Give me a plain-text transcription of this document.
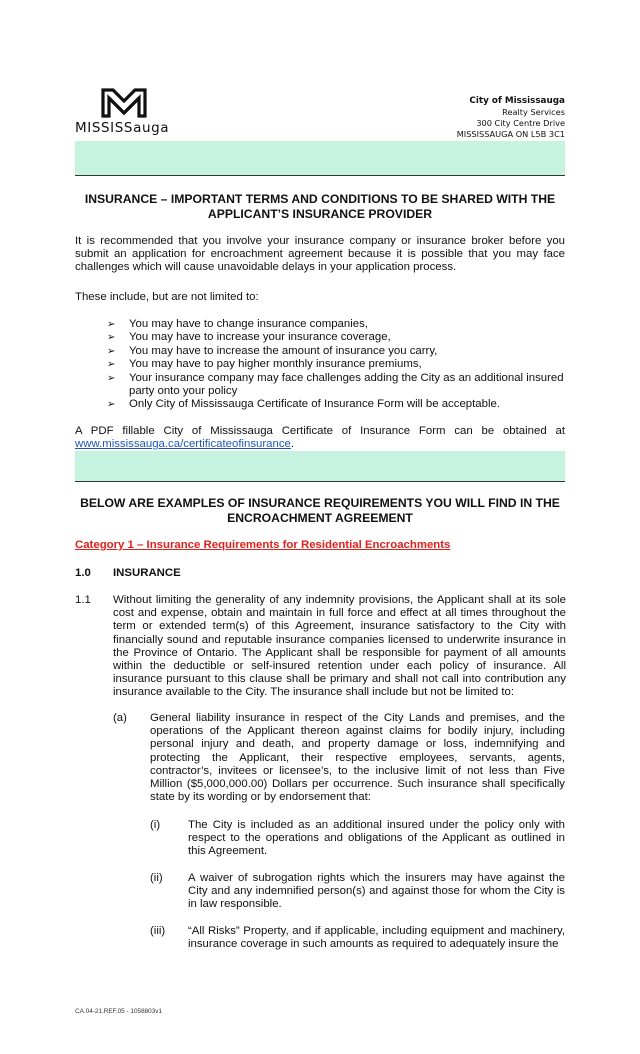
MISSISSauga
City of Mississauga
Realty Services
300 City Centre Drive
MISSISSAUGA ON L5B 3C1
INSURANCE – IMPORTANT TERMS AND CONDITIONS TO BE SHARED WITH THE APPLICANT’S INSURANCE PROVIDER
It is recommended that you involve your insurance company or insurance broker before you submit an application for encroachment agreement because it is possible that you may face challenges which will cause unavoidable delays in your application process.
These include, but are not limited to:
➢ You may have to change insurance companies,
➢ You may have to increase your insurance coverage,
➢ You may have to increase the amount of insurance you carry,
➢ You may have to pay higher monthly insurance premiums,
➢ Your insurance company may face challenges adding the City as an additional insured party onto your policy
➢ Only City of Mississauga Certificate of Insurance Form will be acceptable.
A PDF fillable City of Mississauga Certificate of Insurance Form can be obtained at www.mississauga.ca/certificateofinsurance.
BELOW ARE EXAMPLES OF INSURANCE REQUIREMENTS YOU WILL FIND IN THE ENCROACHMENT AGREEMENT
Category 1 – Insurance Requirements for Residential Encroachments
1.0 INSURANCE
1.1 Without limiting the generality of any indemnity provisions, the Applicant shall at its sole cost and expense, obtain and maintain in full force and effect at all times throughout the term or extended term(s) of this Agreement, insurance satisfactory to the City with financially sound and reputable insurance companies licensed to underwrite insurance in the Province of Ontario. The Applicant shall be responsible for payment of all amounts within the deductible or self-insured retention under each policy of insurance. All insurance pursuant to this clause shall be primary and shall not call into contribution any insurance available to the City. The insurance shall include but not be limited to:
(a) General liability insurance in respect of the City Lands and premises, and the operations of the Applicant thereon against claims for bodily injury, including personal injury and death, and property damage or loss, indemnifying and protecting the Applicant, their respective employees, servants, agents, contractor’s, invitees or licensee’s, to the inclusive limit of not less than Five Million ($5,000,000.00) Dollars per occurrence. Such insurance shall specifically state by its wording or by endorsement that:
(i) The City is included as an additional insured under the policy only with respect to the operations and obligations of the Applicant as outlined in this Agreement.
(ii) A waiver of subrogation rights which the insurers may have against the City and any indemnified person(s) and against those for whom the City is in law responsible.
(iii) “All Risks” Property, and if applicable, including equipment and machinery, insurance coverage in such amounts as required to adequately insure the
CA.04-21.REF.05 - 1058803v1
